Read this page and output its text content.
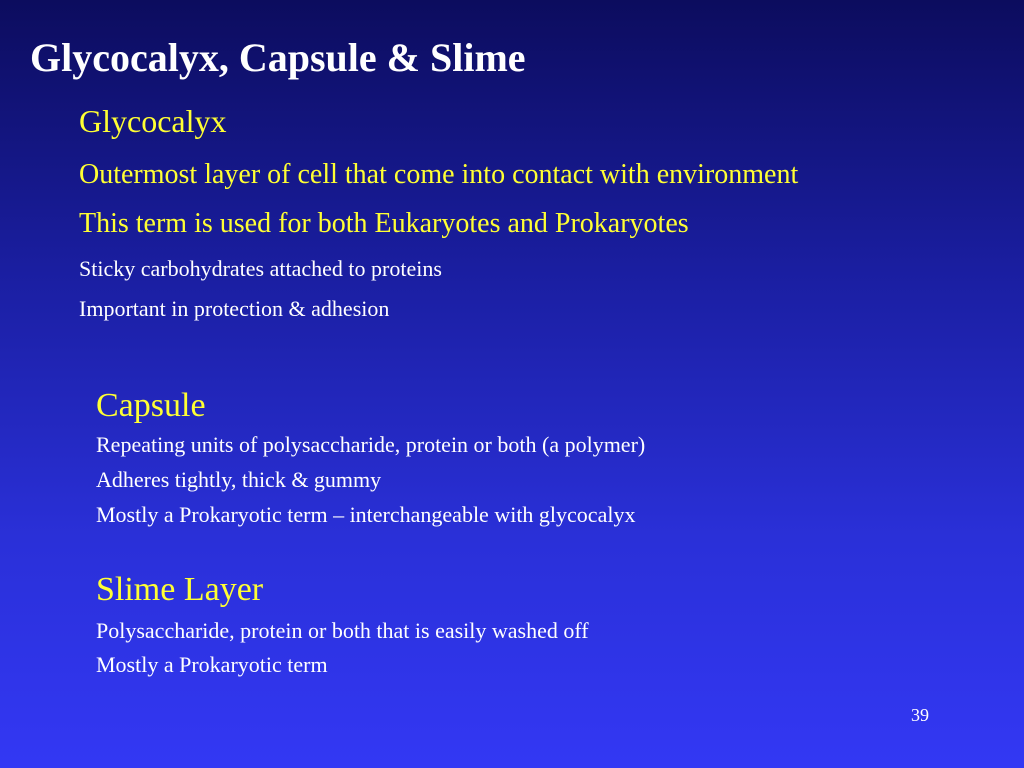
Glycocalyx, Capsule & Slime
Glycocalyx
Outermost layer of cell that come into contact with environment
This term is used for both Eukaryotes and Prokaryotes
Sticky carbohydrates attached to proteins
Important in protection & adhesion
Capsule
Repeating units of polysaccharide, protein or both (a polymer)
Adheres tightly, thick & gummy
Mostly a Prokaryotic term – interchangeable with glycocalyx
Slime Layer
Polysaccharide, protein or both that is easily washed off
Mostly a Prokaryotic term
39
